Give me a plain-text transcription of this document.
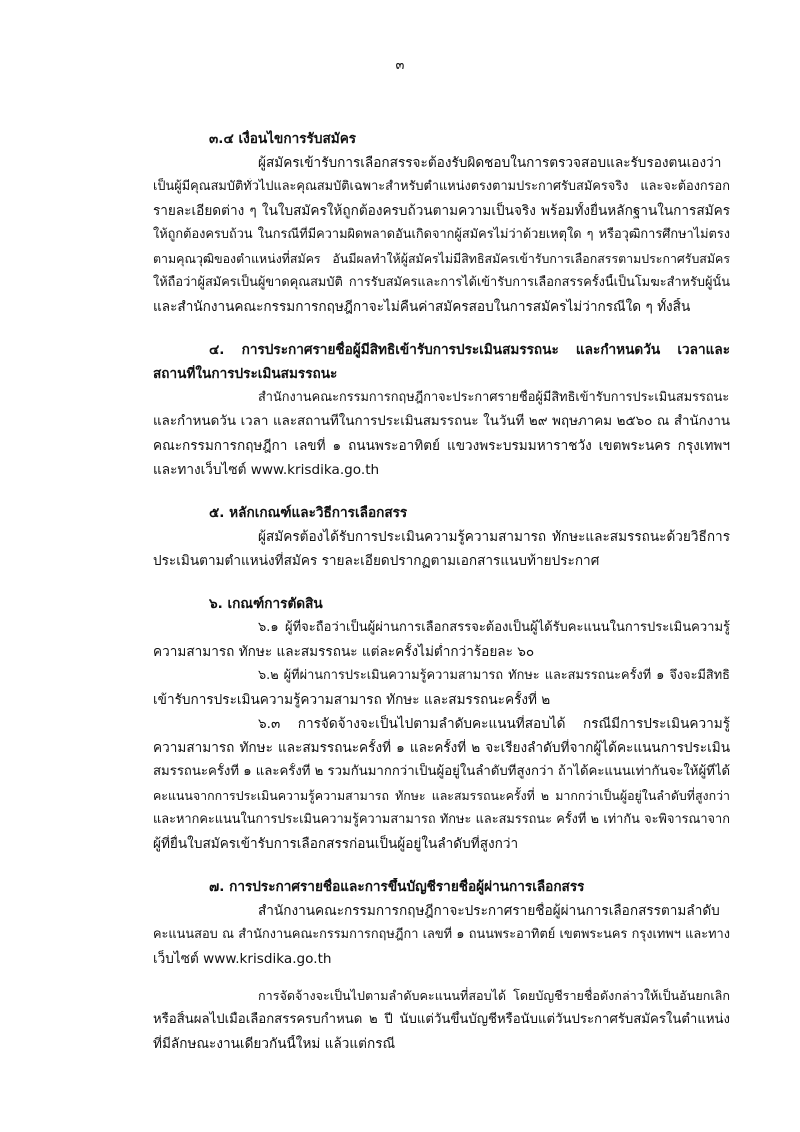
๓
๓.๔ เงื่อนไขการรับสมัคร
ผู้สมัครเข้ารับการเลือกสรรจะต้องรับผิดชอบในการตรวจสอบและรับรองตนเองว่า
เป็นผู้มีคุณสมบัติทั่วไปและคุณสมบัติเฉพาะสำหรับตำแหน่งตรงตามประกาศรับสมัครจริง และจะต้องกรอก
รายละเอียดต่าง ๆ ในใบสมัครให้ถูกต้องครบถ้วนตามความเป็นจริง พร้อมทั้งยื่นหลักฐานในการสมัคร
ให้ถูกต้องครบถ้วน ในกรณีที่มีความผิดพลาดอันเกิดจากผู้สมัครไม่ว่าด้วยเหตุใด ๆ หรือวุฒิการศึกษาไม่ตรง
ตามคุณวุฒิของตำแหน่งที่สมัคร อันมีผลทำให้ผู้สมัครไม่มีสิทธิสมัครเข้ารับการเลือกสรรตามประกาศรับสมัคร
ให้ถือว่าผู้สมัครเป็นผู้ขาดคุณสมบัติ การรับสมัครและการได้เข้ารับการเลือกสรรครั้งนี้เป็นโมฆะสำหรับผู้นั้น
และสำนักงานคณะกรรมการกฤษฎีกาจะไม่คืนค่าสมัครสอบในการสมัครไม่ว่ากรณีใด ๆ ทั้งสิ้น
๔. การประกาศรายชื่อผู้มีสิทธิเข้ารับการประเมินสมรรถนะ และกำหนดวัน เวลาและ
สถานที่ในการประเมินสมรรถนะ
สำนักงานคณะกรรมการกฤษฎีกาจะประกาศรายชื่อผู้มีสิทธิเข้ารับการประเมินสมรรถนะ
และกำหนดวัน เวลา และสถานที่ในการประเมินสมรรถนะ ในวันที่ ๒๙ พฤษภาคม ๒๕๖๐ ณ สำนักงาน
คณะกรรมการกฤษฎีกา เลขที่ ๑ ถนนพระอาทิตย์ แขวงพระบรมมหาราชวัง เขตพระนคร กรุงเทพฯ
และทางเว็บไซต์ www.krisdika.go.th
๕. หลักเกณฑ์และวิธีการเลือกสรร
ผู้สมัครต้องได้รับการประเมินความรู้ความสามารถ ทักษะและสมรรถนะด้วยวิธีการ
ประเมินตามตำแหน่งที่สมัคร รายละเอียดปรากฏตามเอกสารแนบท้ายประกาศ
๖. เกณฑ์การตัดสิน
๖.๑ ผู้ที่จะถือว่าเป็นผู้ผ่านการเลือกสรรจะต้องเป็นผู้ได้รับคะแนนในการประเมินความรู้
ความสามารถ ทักษะ และสมรรถนะ แต่ละครั้งไม่ต่ำกว่าร้อยละ ๖๐
๖.๒ ผู้ที่ผ่านการประเมินความรู้ความสามารถ ทักษะ และสมรรถนะครั้งที่ ๑ จึงจะมีสิทธิ
เข้ารับการประเมินความรู้ความสามารถ ทักษะ และสมรรถนะครั้งที่ ๒
๖.๓ การจัดจ้างจะเป็นไปตามลำดับคะแนนที่สอบได้ กรณีมีการประเมินความรู้
ความสามารถ ทักษะ และสมรรถนะครั้งที่ ๑ และครั้งที่ ๒ จะเรียงลำดับที่จากผู้ได้คะแนนการประเมิน
สมรรถนะครั้งที่ ๑ และครั้งที่ ๒ รวมกันมากกว่าเป็นผู้อยู่ในลำดับที่สูงกว่า ถ้าได้คะแนนเท่ากันจะให้ผู้ที่ได้
คะแนนจากการประเมินความรู้ความสามารถ ทักษะ และสมรรถนะครั้งที่ ๒ มากกว่าเป็นผู้อยู่ในลำดับที่สูงกว่า
และหากคะแนนในการประเมินความรู้ความสามารถ ทักษะ และสมรรถนะ ครั้งที่ ๒ เท่ากัน จะพิจารณาจาก
ผู้ที่ยื่นใบสมัครเข้ารับการเลือกสรรก่อนเป็นผู้อยู่ในลำดับที่สูงกว่า
๗. การประกาศรายชื่อและการขึ้นบัญชีรายชื่อผู้ผ่านการเลือกสรร
สำนักงานคณะกรรมการกฤษฎีกาจะประกาศรายชื่อผู้ผ่านการเลือกสรรตามลำดับ
คะแนนสอบ ณ สำนักงานคณะกรรมการกฤษฎีกา เลขที่ ๑ ถนนพระอาทิตย์ เขตพระนคร กรุงเทพฯ และทาง
เว็บไซต์ www.krisdika.go.th
การจัดจ้างจะเป็นไปตามลำดับคะแนนที่สอบได้ โดยบัญชีรายชื่อดังกล่าวให้เป็นอันยกเลิก
หรือสิ้นผลไปเมื่อเลือกสรรครบกำหนด ๒ ปี นับแต่วันขึ้นบัญชีหรือนับแต่วันประกาศรับสมัครในตำแหน่ง
ที่มีลักษณะงานเดียวกันนี้ใหม่ แล้วแต่กรณี
